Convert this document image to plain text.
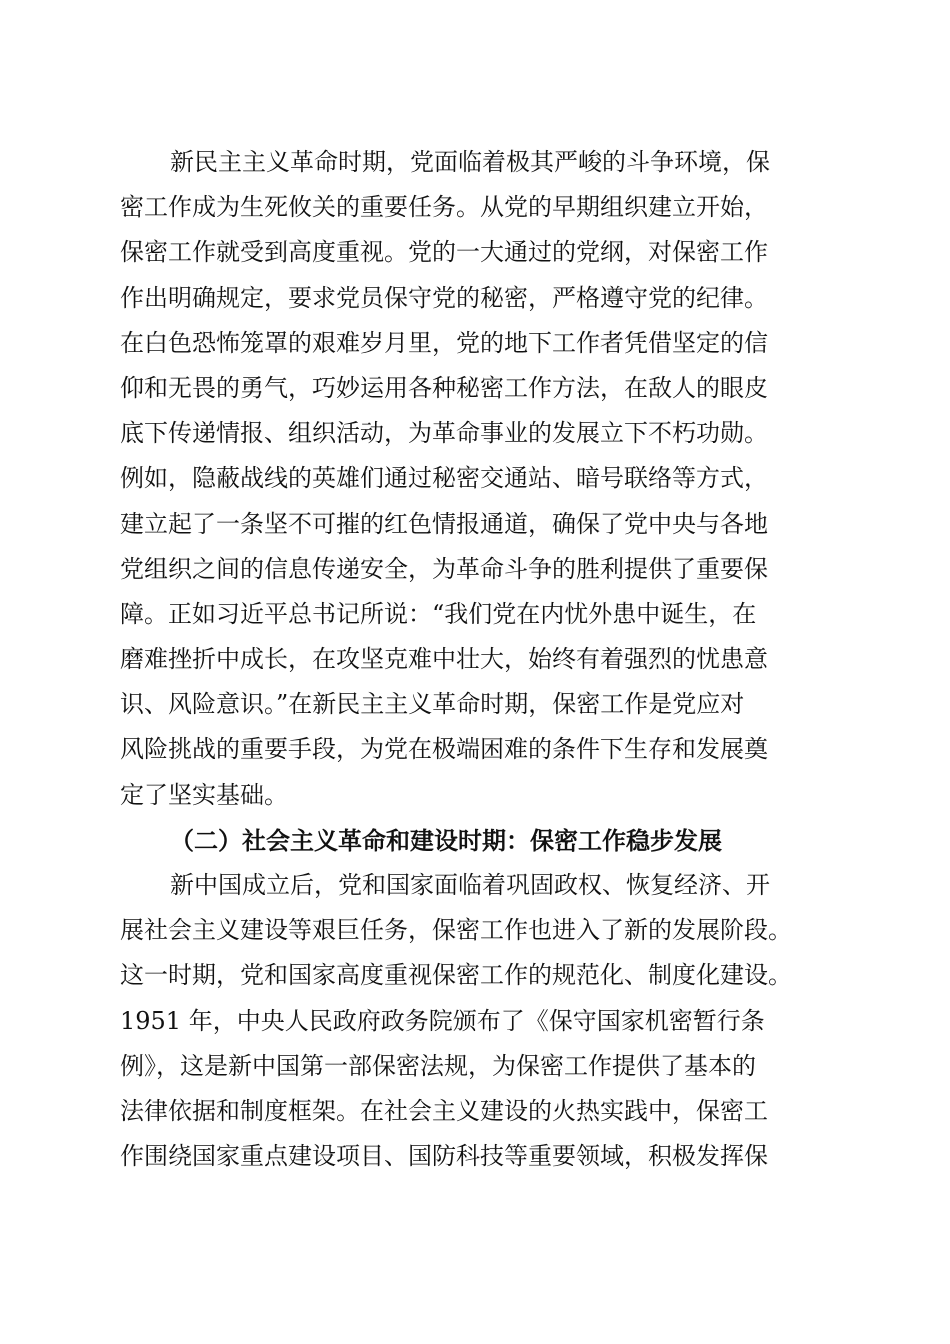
新民主主义革命时期，党面临着极其严峻的斗争环境，保
密工作成为生死攸关的重要任务。从党的早期组织建立开始，
保密工作就受到高度重视。党的一大通过的党纲，对保密工作
作出明确规定，要求党员保守党的秘密，严格遵守党的纪律。
在白色恐怖笼罩的艰难岁月里，党的地下工作者凭借坚定的信
仰和无畏的勇气，巧妙运用各种秘密工作方法，在敌人的眼皮
底下传递情报、组织活动，为革命事业的发展立下不朽功勋。
例如，隐蔽战线的英雄们通过秘密交通站、暗号联络等方式，
建立起了一条坚不可摧的红色情报通道，确保了党中央与各地
党组织之间的信息传递安全，为革命斗争的胜利提供了重要保
障。正如习近平总书记所说：“我们党在内忧外患中诞生，在
磨难挫折中成长，在攻坚克难中壮大，始终有着强烈的忧患意
识、风险意识。”在新民主主义革命时期，保密工作是党应对
风险挑战的重要手段，为党在极端困难的条件下生存和发展奠
定了坚实基础。
（二）社会主义革命和建设时期：保密工作稳步发展
新中国成立后，党和国家面临着巩固政权、恢复经济、开
展社会主义建设等艰巨任务，保密工作也进入了新的发展阶段。
这一时期，党和国家高度重视保密工作的规范化、制度化建设。
1951 年，中央人民政府政务院颁布了《保守国家机密暂行条
例》，这是新中国第一部保密法规，为保密工作提供了基本的
法律依据和制度框架。在社会主义建设的火热实践中，保密工
作围绕国家重点建设项目、国防科技等重要领域，积极发挥保
